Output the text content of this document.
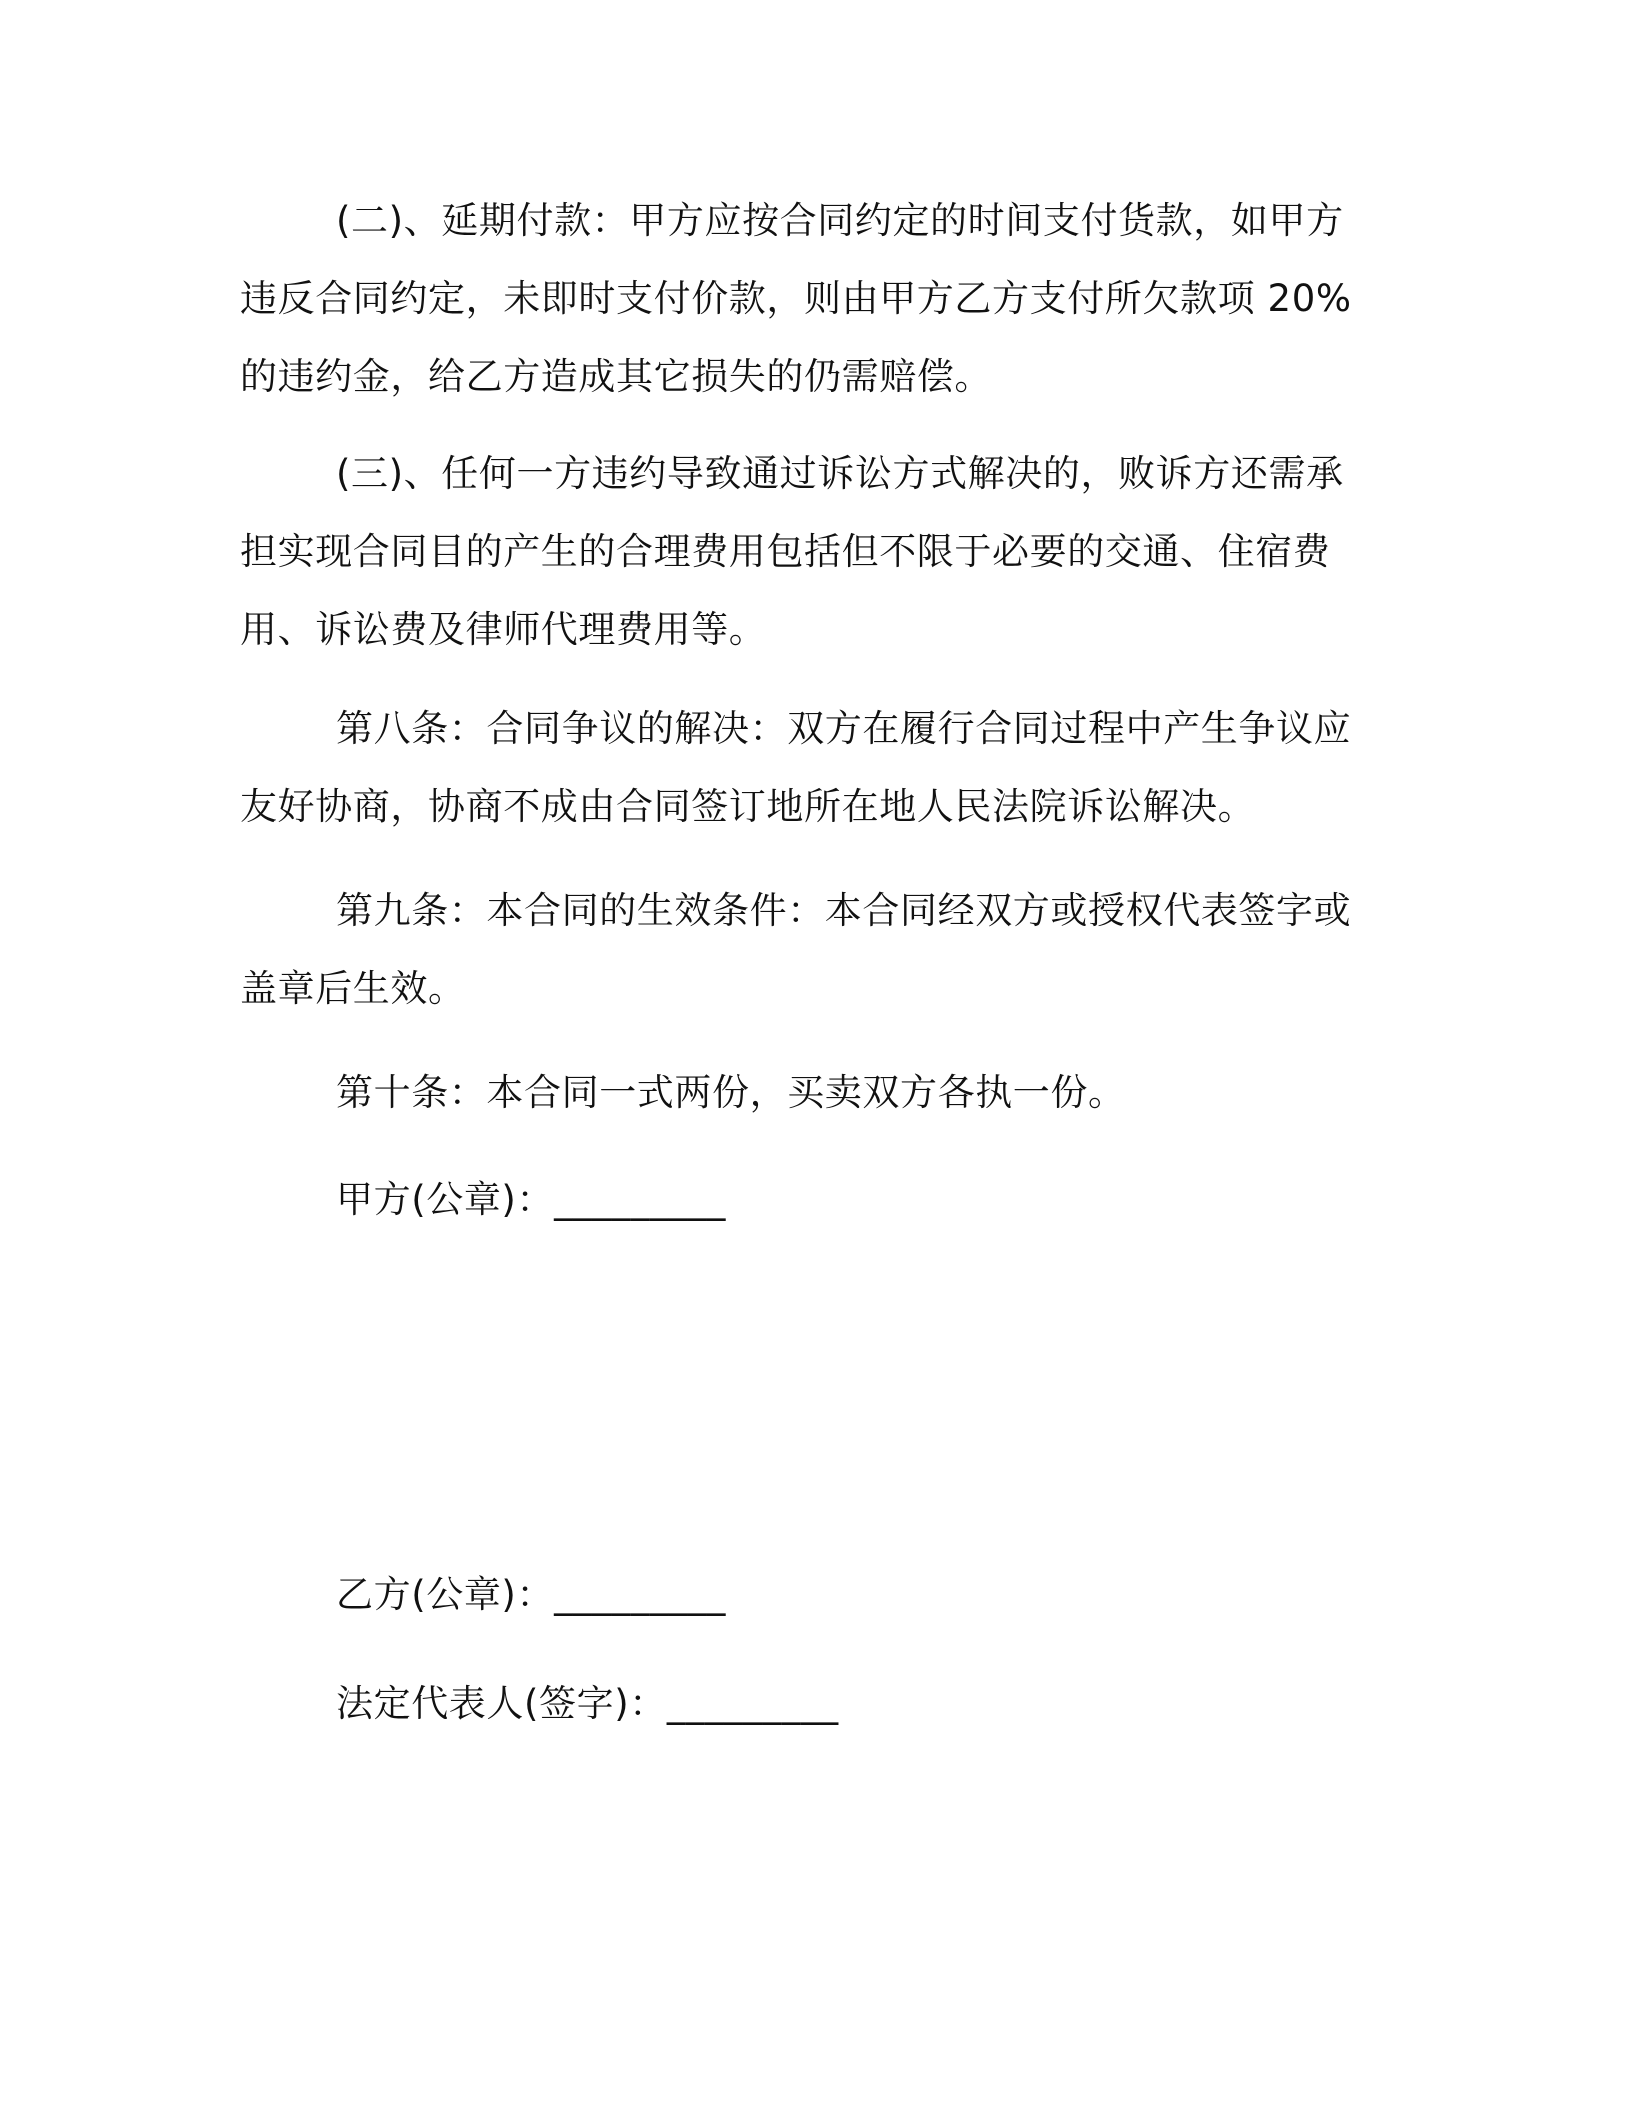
(二)、延期付款：甲方应按合同约定的时间支付货款，如甲方违反合同约定，未即时支付价款，则由甲方乙方支付所欠款项 20%的违约金，给乙方造成其它损失的仍需赔偿。

(三)、任何一方违约导致通过诉讼方式解决的，败诉方还需承担实现合同目的产生的合理费用包括但不限于必要的交通、住宿费用、诉讼费及律师代理费用等。

第八条：合同争议的解决：双方在履行合同过程中产生争议应友好协商，协商不成由合同签订地所在地人民法院诉讼解决。

第九条：本合同的生效条件：本合同经双方或授权代表签字或盖章后生效。

第十条：本合同一式两份，买卖双方各执一份。

甲方(公章)：_________

乙方(公章)：_________

法定代表人(签字)：_________
